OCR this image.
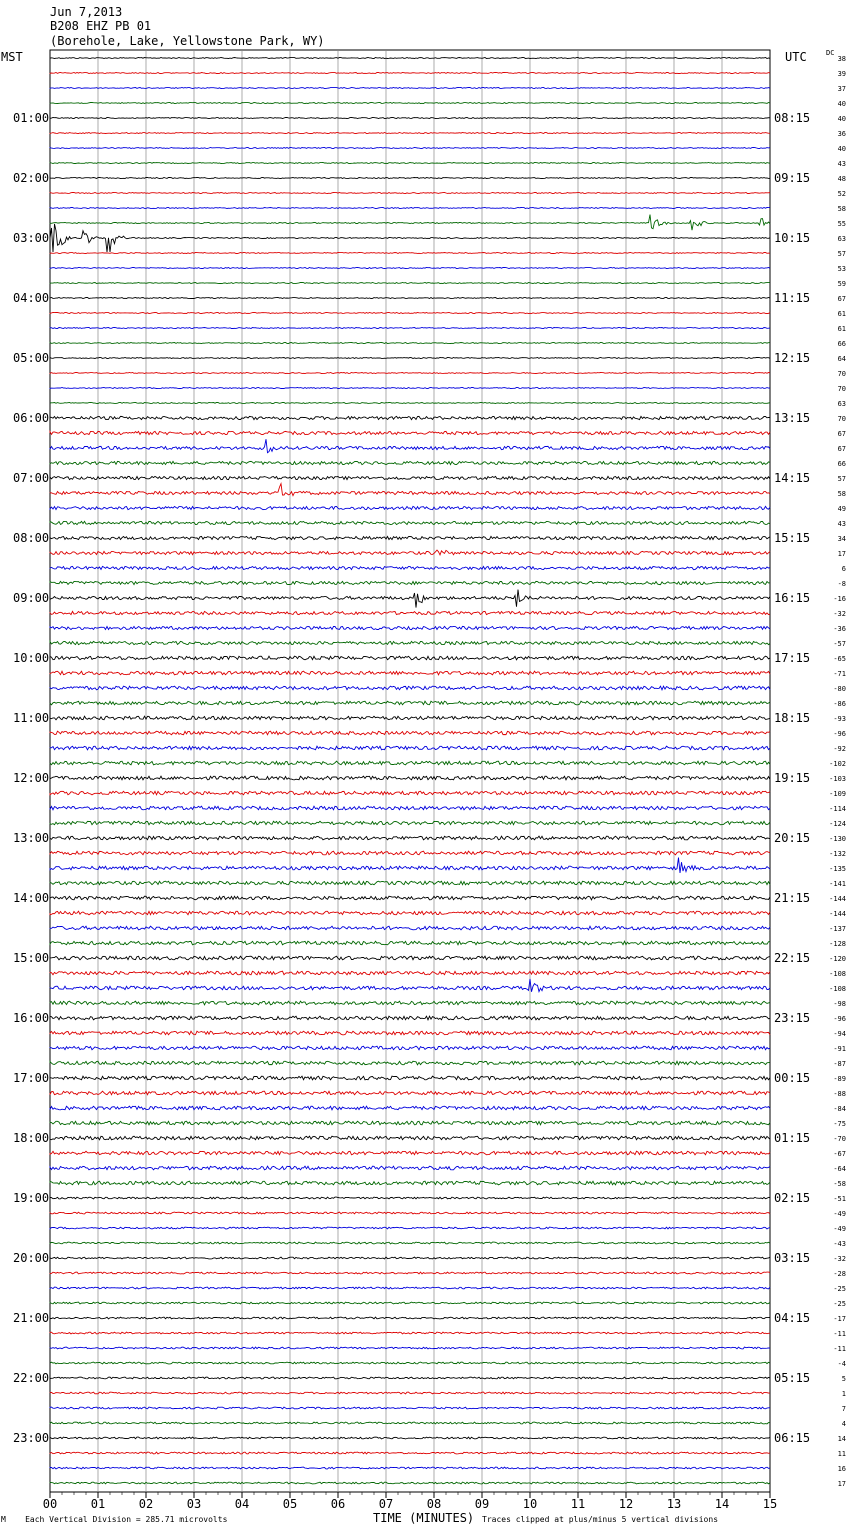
Jun 7,2013
B208 EHZ PB 01
(Borehole, Lake, Yellowstone Park, WY)
MST	UTC	DC
00	01	02	03	04	05	06	07	08	09	10	11	12	13	14	15
38
39
37
40
40
36
40
43
48
52
58
55
63
57
53
59
67
61
61
66
64
70
70
63
70
67
67
66
57
58
49
43
34
17
6
-8
-16
-32
-36
-57
-65
-71
-80
-86
-93
-96
-92
-102
-103
-109
-114
-124
-130
-132
-135
-141
-144
-144
-137
-128
-120
-108
-108
-98
-96
-94
-91
-87
-89
-88
-84
-75
-70
-67
-64
-58
-51
-49
-49
-43
-32
-28
-25
-25
-17
-11
-11
-4
5
1
7
4
14
11
16
17
01:00
02:00
03:00
04:00
05:00
06:00
07:00
08:00
09:00
10:00
11:00
12:00
13:00
14:00
15:00
16:00
17:00
18:00
19:00
20:00
21:00
22:00
23:00
08:15
09:15
10:15
11:15
12:15
13:15
14:15
15:15
16:15
17:15
18:15
19:15
20:15
21:15
22:15
23:15
00:15
01:15
02:15
03:15
04:15
05:15
06:15
M Each Vertical Division = 285.71 microvolts	TIME (MINUTES) Traces clipped at plus/minus 5 vertical divisions
